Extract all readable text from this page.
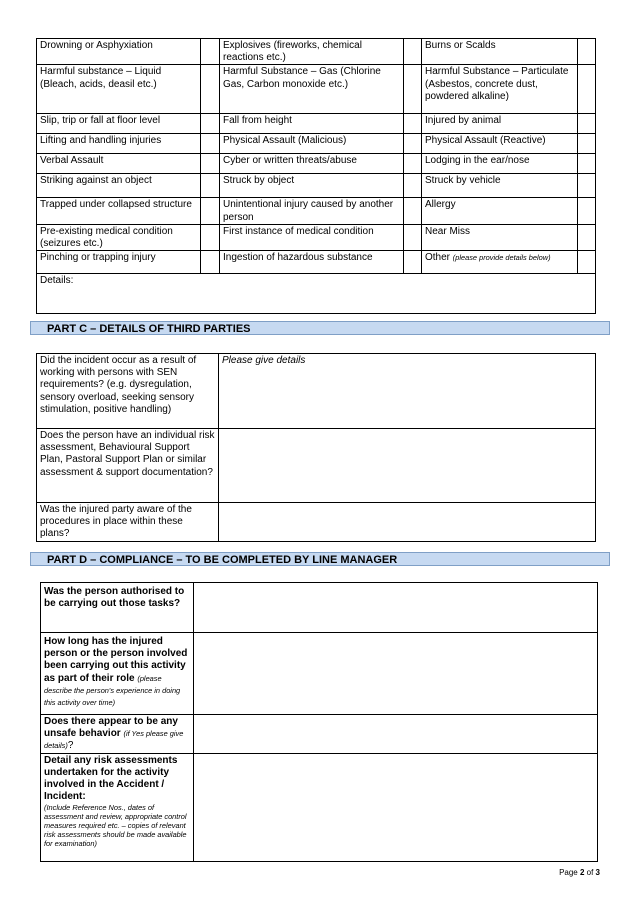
Drowning or Asphyxiation		Explosives (fireworks, chemical reactions etc.)		Burns or Scalds	
Harmful substance – Liquid (Bleach, acids, deasil etc.)		Harmful Substance – Gas (Chlorine Gas, Carbon monoxide etc.)		Harmful Substance – Particulate (Asbestos, concrete dust, powdered alkaline)	
Slip, trip or fall at floor level		Fall from height		Injured by animal	
Lifting and handling injuries		Physical Assault (Malicious)		Physical Assault (Reactive)	
Verbal Assault		Cyber or written threats/abuse		Lodging in the ear/nose	
Striking against an object		Struck by object		Struck by vehicle	
Trapped under collapsed structure		Unintentional injury caused by another person		Allergy	
Pre-existing medical condition (seizures etc.)		First instance of medical condition		Near Miss	
Pinching or trapping injury		Ingestion of hazardous substance		Other (please provide details below)	
Details:					
PART C – DETAILS OF THIRD PARTIES
Did the incident occur as a result of working with persons with SEN requirements? (e.g. dysregulation, sensory overload, seeking sensory stimulation, positive handling)	Please give details
Does the person have an individual risk assessment, Behavioural Support Plan, Pastoral Support Plan or similar assessment & support documentation?	
Was the injured party aware of the procedures in place within these plans?	
PART D – COMPLIANCE – TO BE COMPLETED BY LINE MANAGER
Was the person authorised to be carrying out those tasks?	
How long has the injured person or the person involved been carrying out this activity as part of their role (please describe the person's experience in doing this activity over time)	
Does there appear to be any unsafe behavior (if Yes please give details)?	

Detail any risk assessments undertaken for the activity involved in the Accident / Incident:
(Include Reference Nos., dates of assessment and review, appropriate control measures required etc. – copies of relevant risk assessments should be made available for examination)	

Page 2 of 3
